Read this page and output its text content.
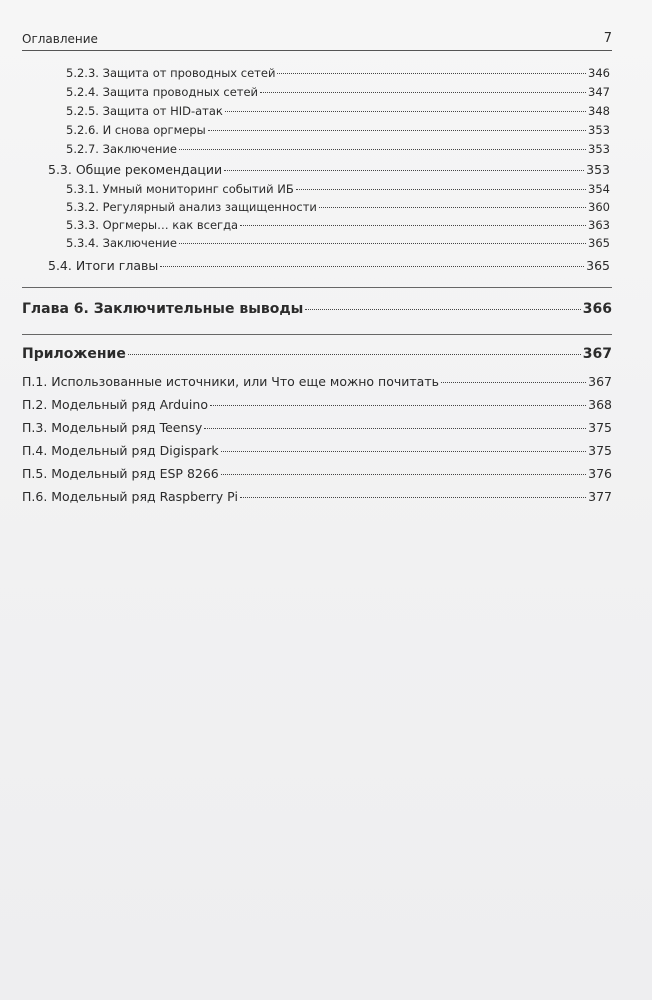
Оглавление	7
5.2.3. Защита от проводных сетей	346
5.2.4. Защита проводных сетей	347
5.2.5. Защита от HID-атак	348
5.2.6. И снова оргмеры	353
5.2.7. Заключение	353
5.3. Общие рекомендации	353
5.3.1. Умный мониторинг событий ИБ	354
5.3.2. Регулярный анализ защищенности	360
5.3.3. Оргмеры… как всегда	363
5.3.4. Заключение	365
5.4. Итоги главы	365
Глава 6. Заключительные выводы	366
Приложение	367
П.1. Использованные источники, или Что еще можно почитать	367
П.2. Модельный ряд Arduino	368
П.3. Модельный ряд Teensy	375
П.4. Модельный ряд Digispark	375
П.5. Модельный ряд ESP 8266	376
П.6. Модельный ряд Raspberry Pi	377
